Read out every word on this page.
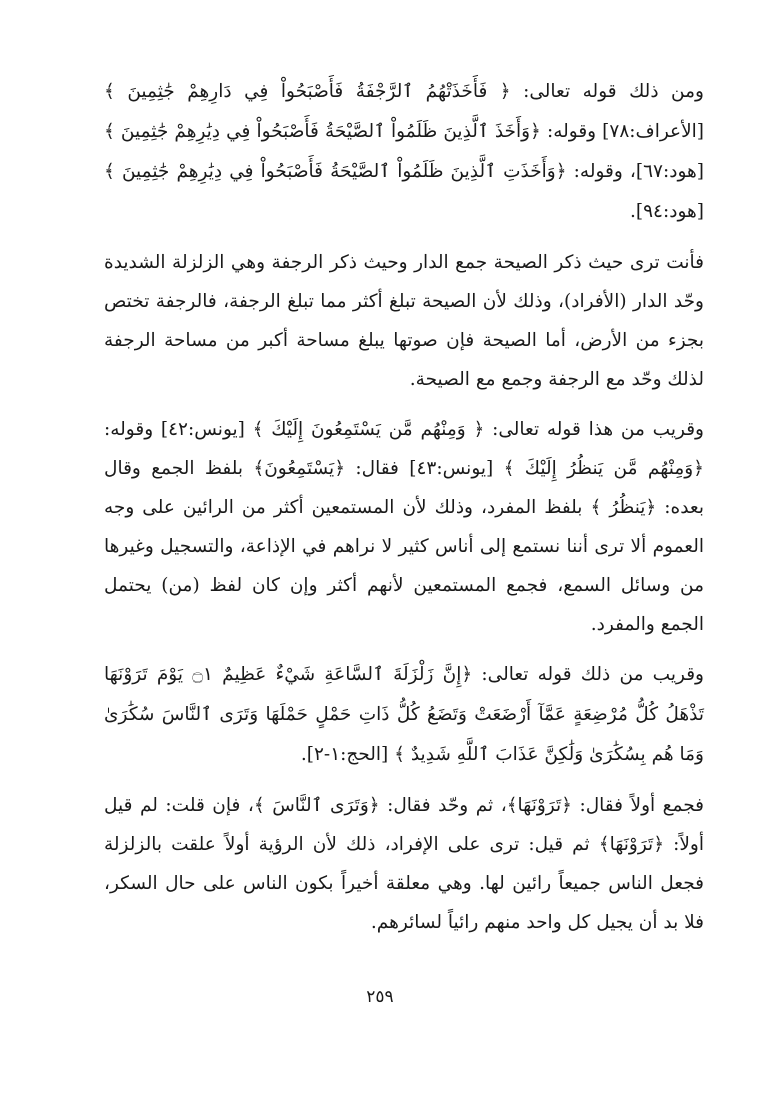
ومن ذلك قوله تعالى: ﴿ فَأَخَذَتْهُمُ ٱلرَّجْفَةُ فَأَصْبَحُواْ فِي دَارِهِمْ جَٰثِمِينَ ﴾ [الأعراف:٧٨] وقوله: ﴿وَأَخَذَ ٱلَّذِينَ ظَلَمُواْ ٱلصَّيْحَةُ فَأَصْبَحُواْ فِي دِيَٰرِهِمْ جَٰثِمِينَ ﴾ [هود:٦٧]، وقوله: ﴿وَأَخَذَتِ ٱلَّذِينَ ظَلَمُواْ ٱلصَّيْحَةُ فَأَصْبَحُواْ فِي دِيَٰرِهِمْ جَٰثِمِينَ ﴾ [هود:٩٤].

فأنت ترى حيث ذكر الصيحة جمع الدار وحيث ذكر الرجفة وهي الزلزلة الشديدة وحّد الدار (الأفراد)، وذلك لأن الصيحة تبلغ أكثر مما تبلغ الرجفة، فالرجفة تختص بجزء من الأرض، أما الصيحة فإن صوتها يبلغ مساحة أكبر من مساحة الرجفة لذلك وحّد مع الرجفة وجمع مع الصيحة.

وقريب من هذا قوله تعالى: ﴿ وَمِنْهُم مَّن يَسْتَمِعُونَ إِلَيْكَ ﴾ [يونس:٤٢] وقوله: ﴿وَمِنْهُم مَّن يَنظُرُ إِلَيْكَ ﴾ [يونس:٤٣] فقال: ﴿يَسْتَمِعُونَ﴾ بلفظ الجمع وقال بعده: ﴿يَنظُرُ ﴾ بلفظ المفرد، وذلك لأن المستمعين أكثر من الرائين على وجه العموم ألا ترى أننا نستمع إلى أناس كثير لا نراهم في الإذاعة، والتسجيل وغيرها من وسائل السمع، فجمع المستمعين لأنهم أكثر وإن كان لفظ (من) يحتمل الجمع والمفرد.

وقريب من ذلك قوله تعالى: ﴿إِنَّ زَلْزَلَةَ ٱلسَّاعَةِ شَيْءٌ عَظِيمٌ ۝١ يَوْمَ تَرَوْنَهَا تَذْهَلُ كُلُّ مُرْضِعَةٍ عَمَّآ أَرْضَعَتْ وَتَضَعُ كُلُّ ذَاتِ حَمْلٍ حَمْلَهَا وَتَرَى ٱلنَّاسَ سُكَٰرَىٰ وَمَا هُم بِسُكَٰرَىٰ وَلَٰكِنَّ عَذَابَ ٱللَّهِ شَدِيدٌ ﴾ [الحج:١-٢].

فجمع أولاً فقال: ﴿تَرَوْنَهَا﴾، ثم وحّد فقال: ﴿وَتَرَى ٱلنَّاسَ ﴾، فإن قلت: لم قيل أولاً: ﴿تَرَوْنَهَا﴾ ثم قيل: ترى على الإفراد، ذلك لأن الرؤية أولاً علقت بالزلزلة فجعل الناس جميعاً رائين لها. وهي معلقة أخيراً بكون الناس على حال السكر، فلا بد أن يجيل كل واحد منهم رائياً لسائرهم.

٢٥٩
